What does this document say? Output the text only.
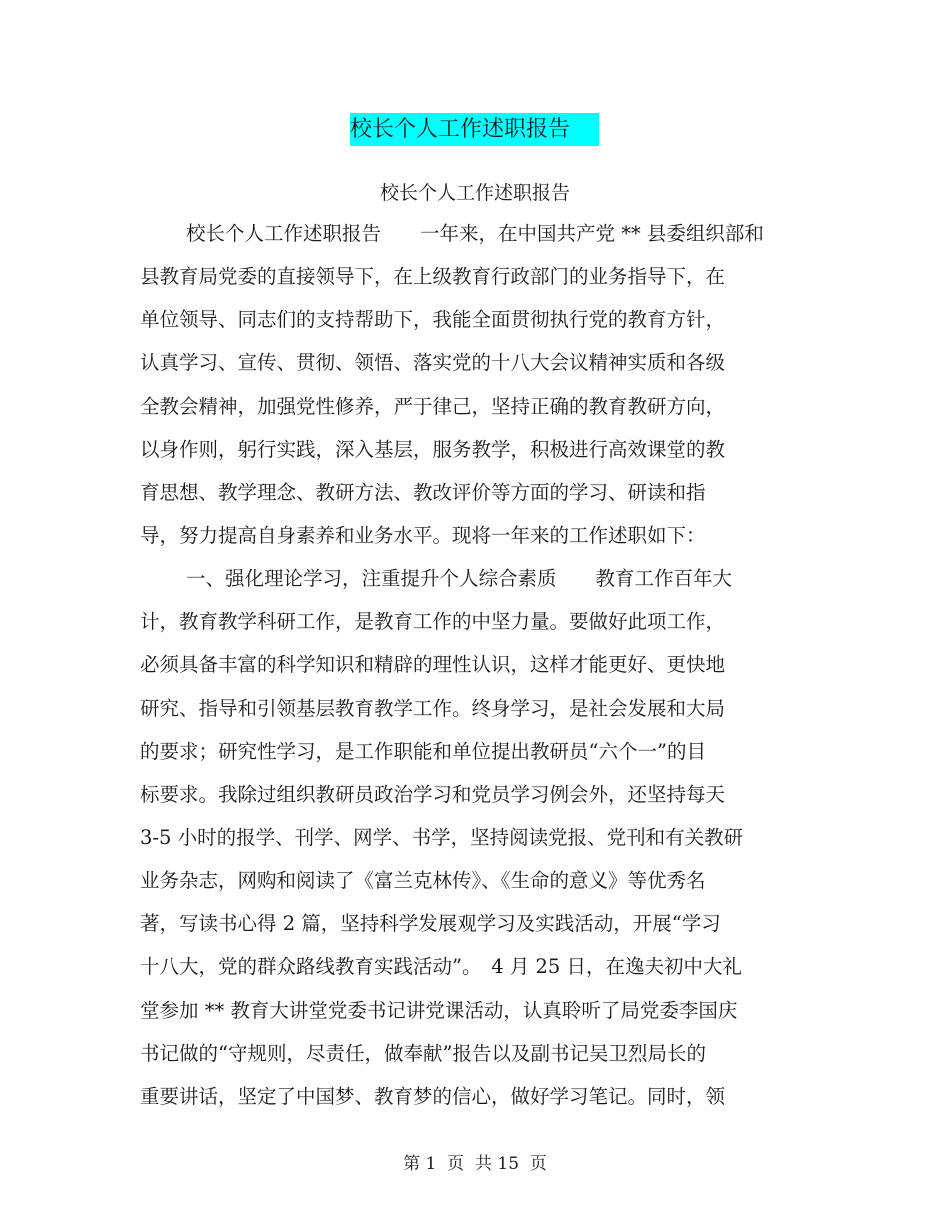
校长个人工作述职报告
校长个人工作述职报告
校长个人工作述职报告　　一年来，在中国共产党 ** 县委组织部和
县教育局党委的直接领导下，在上级教育行政部门的业务指导下，在
单位领导、同志们的支持帮助下，我能全面贯彻执行党的教育方针，
认真学习、宣传、贯彻、领悟、落实党的十八大会议精神实质和各级
全教会精神，加强党性修养，严于律己，坚持正确的教育教研方向，
以身作则，躬行实践，深入基层，服务教学，积极进行高效课堂的教
育思想、教学理念、教研方法、教改评价等方面的学习、研读和指
导，努力提高自身素养和业务水平。现将一年来的工作述职如下：
一、强化理论学习，注重提升个人综合素质　　教育工作百年大
计，教育教学科研工作，是教育工作的中坚力量。要做好此项工作，
必须具备丰富的科学知识和精辟的理性认识，这样才能更好、更快地
研究、指导和引领基层教育教学工作。终身学习，是社会发展和大局
的要求；研究性学习，是工作职能和单位提出教研员“六个一”的目
标要求。我除过组织教研员政治学习和党员学习例会外，还坚持每天
3-5 小时的报学、刊学、网学、书学，坚持阅读党报、党刊和有关教研
业务杂志，网购和阅读了《富兰克林传》、《生命的意义》等优秀名
著，写读书心得 2 篇，坚持科学发展观学习及实践活动，开展“学习
十八大，党的群众路线教育实践活动”。　4 月 25 日，在逸夫初中大礼
堂参加 ** 教育大讲堂党委书记讲党课活动，认真聆听了局党委李国庆
书记做的“守规则，尽责任，做奉献”报告以及副书记吴卫烈局长的
重要讲话，坚定了中国梦、教育梦的信心，做好学习笔记。同时，领
第 1  页  共 15  页
